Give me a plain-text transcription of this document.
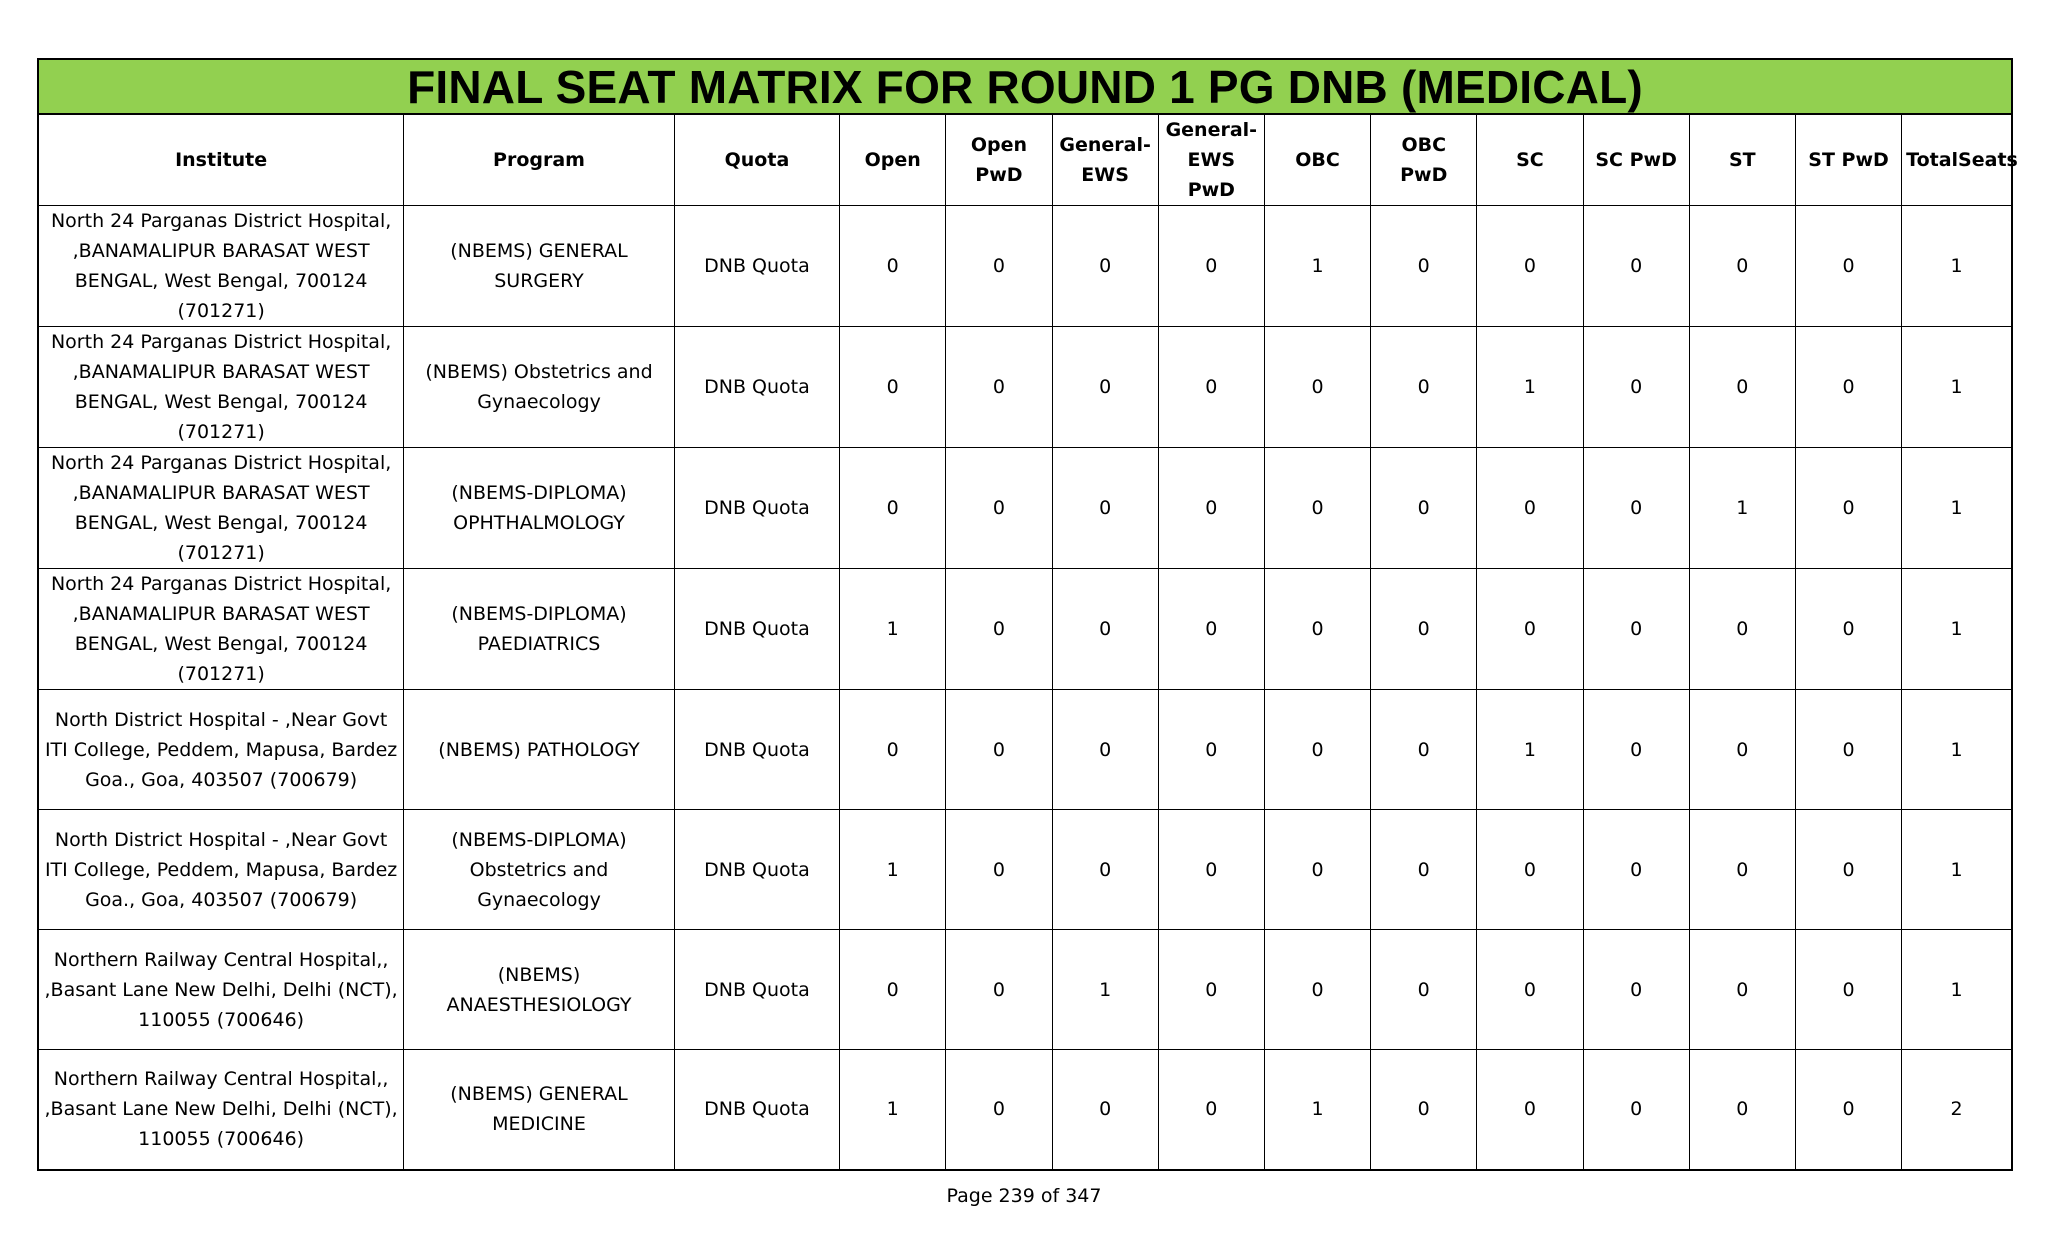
FINAL SEAT MATRIX FOR ROUND 1 PG DNB (MEDICAL)
Institute	Program	Quota	Open	Open PwD	General-EWS	General-EWS PwD	OBC	OBC PwD	SC	SC PwD	ST	ST PwD	TotalSeats
North 24 Parganas District Hospital, ,BANAMALIPUR BARASAT WEST BENGAL, West Bengal, 700124 (701271)	(NBEMS) GENERAL SURGERY	DNB Quota	0	0	0	0	1	0	0	0	0	0	1
North 24 Parganas District Hospital, ,BANAMALIPUR BARASAT WEST BENGAL, West Bengal, 700124 (701271)	(NBEMS) Obstetrics and Gynaecology	DNB Quota	0	0	0	0	0	0	1	0	0	0	1
North 24 Parganas District Hospital, ,BANAMALIPUR BARASAT WEST BENGAL, West Bengal, 700124 (701271)	(NBEMS-DIPLOMA) OPHTHALMOLOGY	DNB Quota	0	0	0	0	0	0	0	0	1	0	1
North 24 Parganas District Hospital, ,BANAMALIPUR BARASAT WEST BENGAL, West Bengal, 700124 (701271)	(NBEMS-DIPLOMA) PAEDIATRICS	DNB Quota	1	0	0	0	0	0	0	0	0	0	1
North District Hospital - ,Near Govt ITI College, Peddem, Mapusa, Bardez Goa., Goa, 403507 (700679)	(NBEMS) PATHOLOGY	DNB Quota	0	0	0	0	0	0	1	0	0	0	1
North District Hospital - ,Near Govt ITI College, Peddem, Mapusa, Bardez Goa., Goa, 403507 (700679)	(NBEMS-DIPLOMA) Obstetrics and Gynaecology	DNB Quota	1	0	0	0	0	0	0	0	0	0	1
Northern Railway Central Hospital,, ,Basant Lane New Delhi, Delhi (NCT), 110055 (700646)	(NBEMS) ANAESTHESIOLOGY	DNB Quota	0	0	1	0	0	0	0	0	0	0	1
Northern Railway Central Hospital,, ,Basant Lane New Delhi, Delhi (NCT), 110055 (700646)	(NBEMS) GENERAL MEDICINE	DNB Quota	1	0	0	0	1	0	0	0	0	0	2
Page 239 of 347
